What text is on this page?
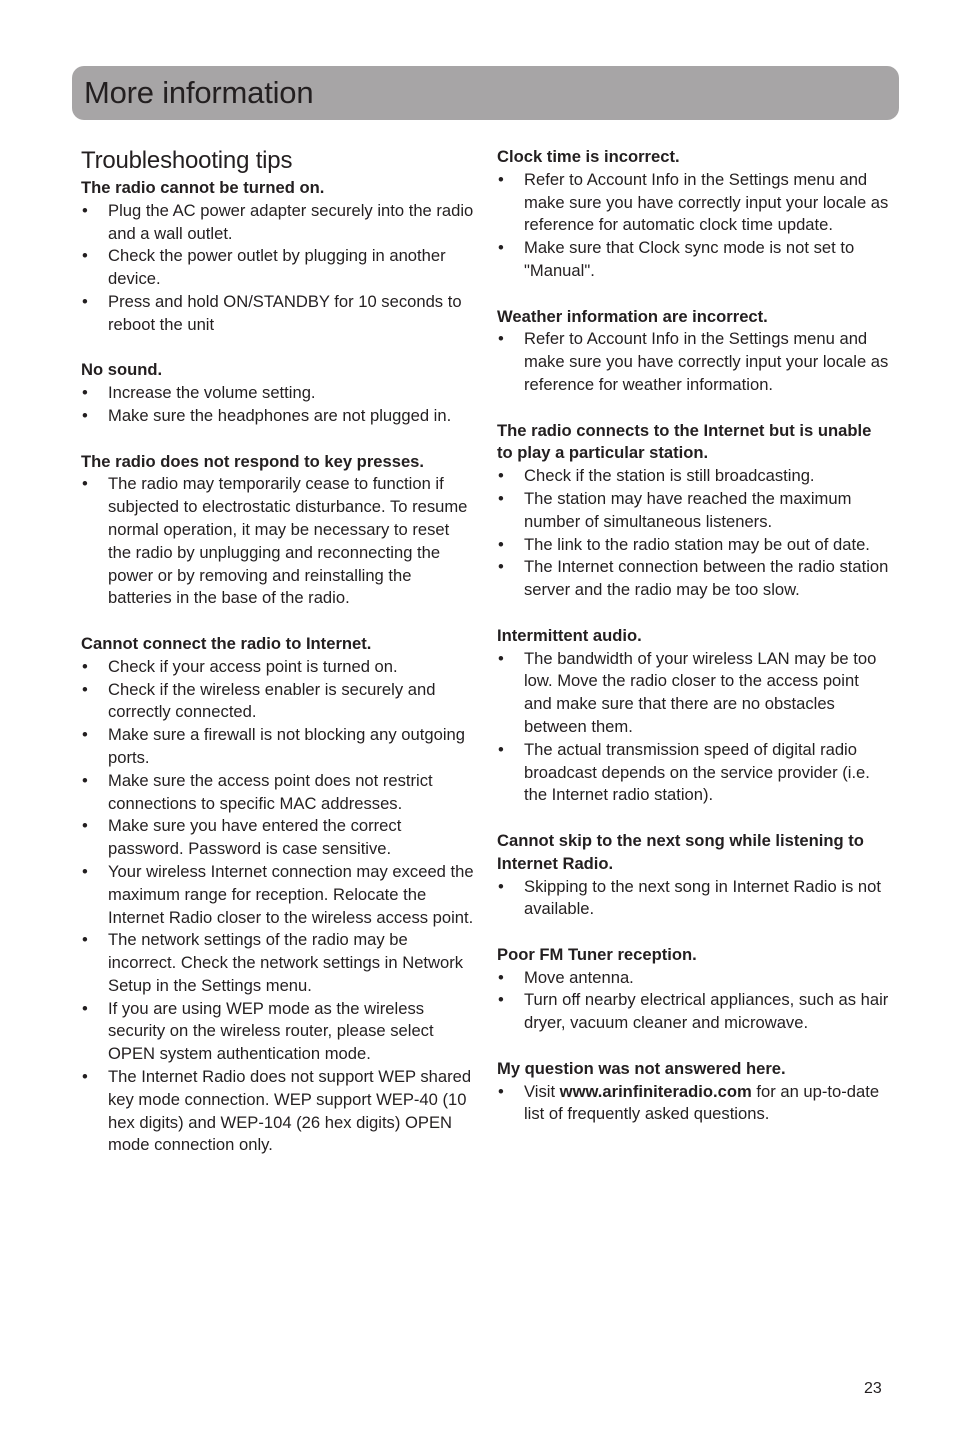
More information
Troubleshooting tips

The radio cannot be turned on.

• Plug the AC power adapter securely into the radio and a wall outlet.
• Check the power outlet by plugging in another device.
• Press and hold ON/STANDBY for 10 seconds to reboot the unit

No sound.

• Increase the volume setting.
• Make sure the headphones are not plugged in.

The radio does not respond to key presses.

• The radio may temporarily cease to function if subjected to electrostatic disturbance. To resume normal operation, it may be necessary to reset the radio by unplugging and reconnecting the power or by removing and reinstalling the batteries in the base of the radio.

Cannot connect the radio to Internet.

• Check if your access point is turned on.
• Check if the wireless enabler is securely and correctly connected.
• Make sure a firewall is not blocking any outgoing ports.
• Make sure the access point does not restrict connections to specific MAC addresses.
• Make sure you have entered the correct password. Password is case sensitive.
• Your wireless Internet connection may exceed the maximum range for reception. Relocate the Internet Radio closer to the wireless access point.
• The network settings of the radio may be incorrect. Check the network settings in Network Setup in the Settings menu.
• If you are using WEP mode as the wireless security on the wireless router, please select OPEN system authentication mode.
• The Internet Radio does not support WEP shared key mode connection. WEP support WEP-40 (10 hex digits) and WEP-104 (26 hex digits) OPEN mode connection only.

Clock time is incorrect.

• Refer to Account Info in the Settings menu and make sure you have correctly input your locale as reference for automatic clock time update.
• Make sure that Clock sync mode is not set to "Manual".

Weather information are incorrect.

• Refer to Account Info in the Settings menu and make sure you have correctly input your locale as reference for weather information.

The radio connects to the Internet but is unable to play a particular station.

• Check if the station is still broadcasting.
• The station may have reached the maximum number of simultaneous listeners.
• The link to the radio station may be out of date.
• The Internet connection between the radio station server and the radio may be too slow.

Intermittent audio.

• The bandwidth of your wireless LAN may be too low. Move the radio closer to the access point and make sure that there are no obstacles between them.
• The actual transmission speed of digital radio broadcast depends on the service provider (i.e. the Internet radio station).

Cannot skip to the next song while listening to Internet Radio.

• Skipping to the next song in Internet Radio is not available.

Poor FM Tuner reception.

• Move antenna.
• Turn off nearby electrical appliances, such as hair dryer, vacuum cleaner and microwave.

My question was not answered here.

• Visit www.arinfiniteradio.com for an up-to-date list of frequently asked questions.
23
